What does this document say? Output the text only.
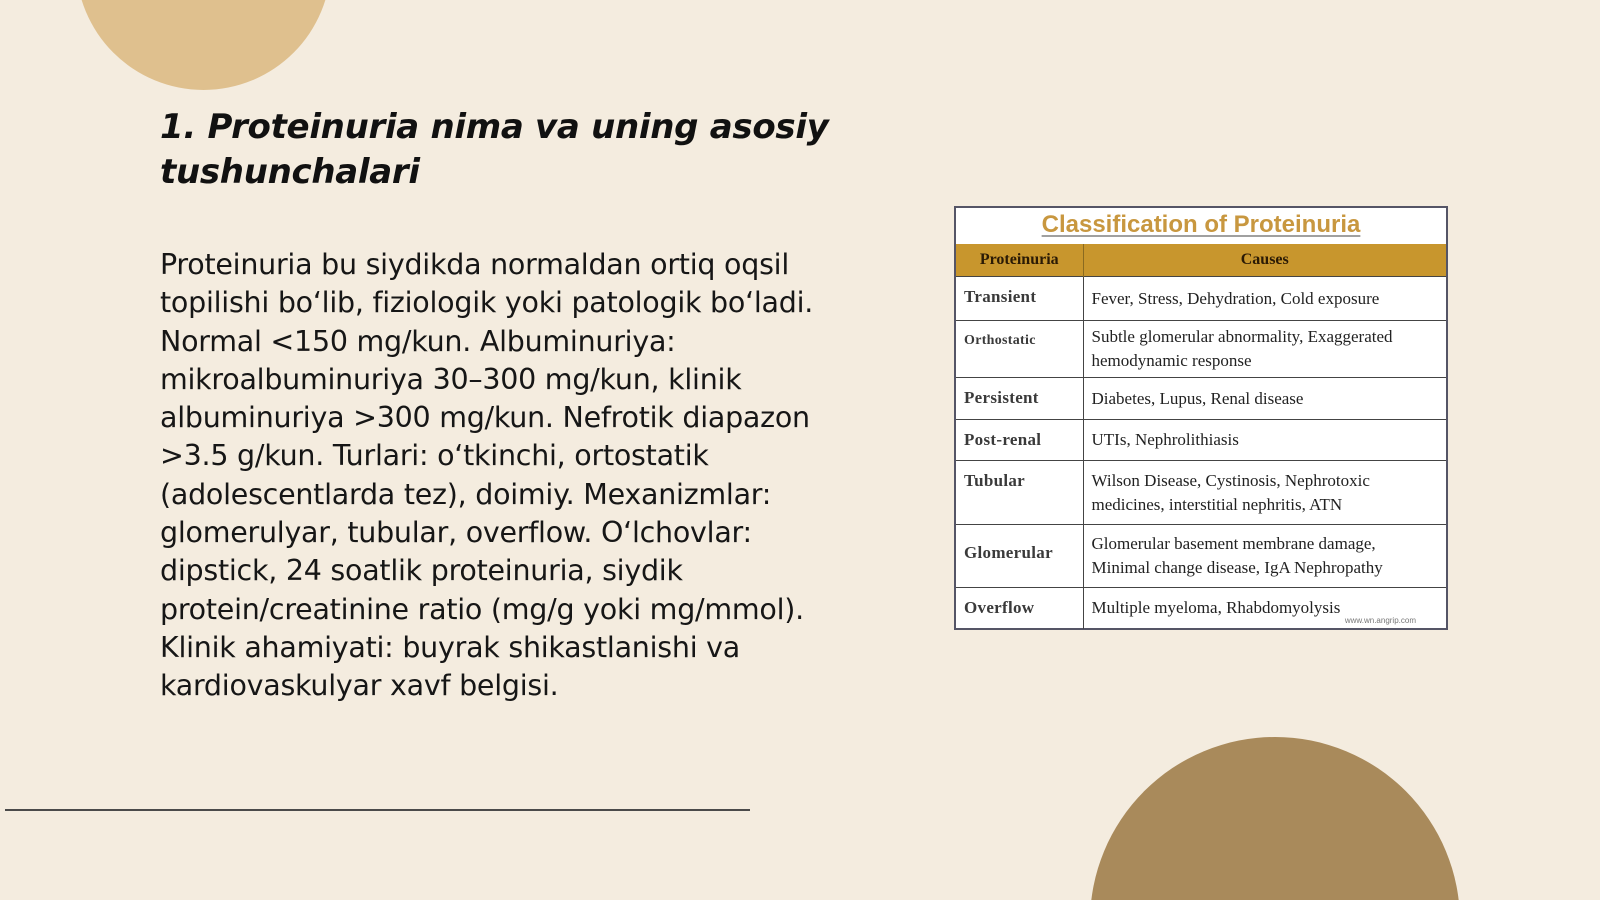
1. Proteinuria nima va uning asosiy tushunchalari

Proteinuria bu siydikda normaldan ortiq oqsil topilishi bo‘lib, fiziologik yoki patologik bo‘ladi. Normal <150 mg/kun. Albuminuriya: mikroalbuminuriya 30–300 mg/kun, klinik albuminuriya >300 mg/kun. Nefrotik diapazon >3.5 g/kun. Turlari: o‘tkinchi, ortostatik (adolescentlarda tez), doimiy. Mexanizmlar: glomerulyar, tubular, overflow. O‘lchovlar: dipstick, 24 soatlik proteinuria, siydik protein/creatinine ratio (mg/g yoki mg/mmol). Klinik ahamiyati: buyrak shikastlanishi va kardiovaskulyar xavf belgisi.

Classification of Proteinuria
Proteinuria	Causes
Transient	Fever, Stress, Dehydration, Cold exposure
Orthostatic	Subtle glomerular abnormality, Exaggerated hemodynamic response
Persistent	Diabetes, Lupus, Renal disease
Post-renal	UTIs, Nephrolithiasis
Tubular	Wilson Disease, Cystinosis, Nephrotoxic medicines, interstitial nephritis, ATN
Glomerular	Glomerular basement membrane damage, Minimal change disease, IgA Nephropathy
Overflow	Multiple myeloma, Rhabdomyolysis
www.wn.angrip.com
